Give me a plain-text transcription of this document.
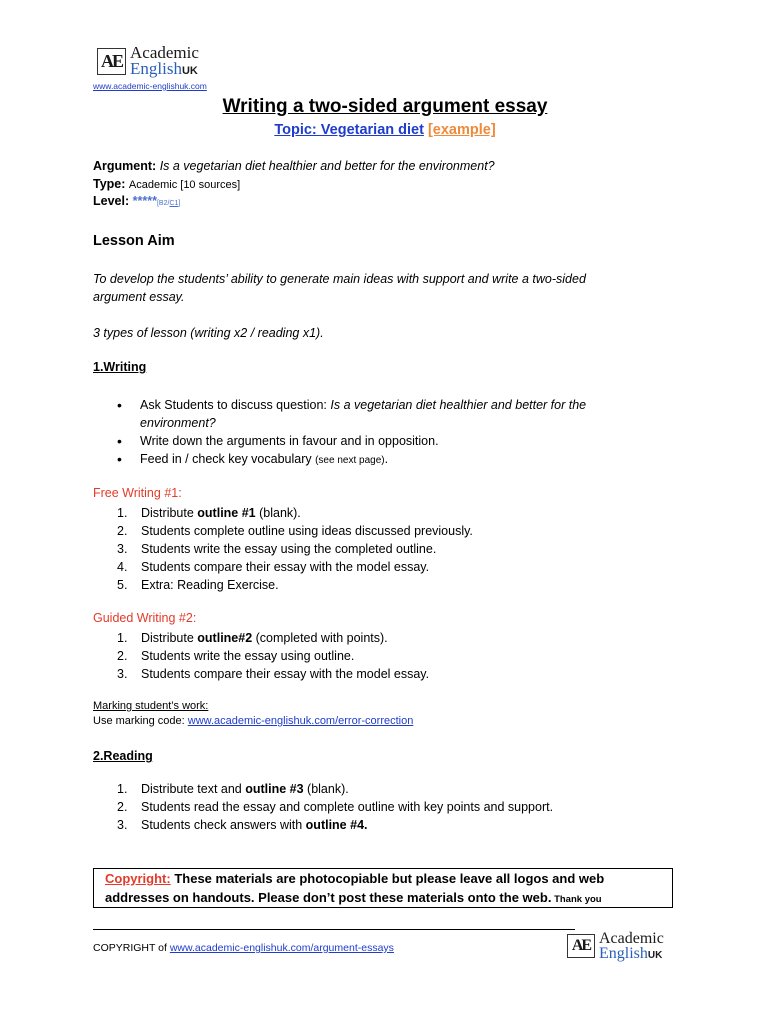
AE Academic
EnglishUK
www.academic-englishuk.com
Writing a two-sided argument essay
Topic: Vegetarian diet [example]
Argument: Is a vegetarian diet healthier and better for the environment?
Type: Academic [10 sources]
Level: *****[B2/C1]
Lesson Aim
To develop the students’ ability to generate main ideas with support and write a two-sided
argument essay.
3 types of lesson (writing x2 / reading x1).
1.Writing
• Ask Students to discuss question: Is a vegetarian diet healthier and better for the
environment?
• Write down the arguments in favour and in opposition.
• Feed in / check key vocabulary (see next page).
Free Writing #1:
1. Distribute outline #1 (blank).
2. Students complete outline using ideas discussed previously.
3. Students write the essay using the completed outline.
4. Students compare their essay with the model essay.
5. Extra: Reading Exercise.
Guided Writing #2:
1. Distribute outline#2 (completed with points).
2. Students write the essay using outline.
3. Students compare their essay with the model essay.
Marking student’s work:
Use marking code: www.academic-englishuk.com/error-correction
2.Reading
1. Distribute text and outline #3 (blank).
2. Students read the essay and complete outline with key points and support.
3. Students check answers with outline #4.
Copyright: These materials are photocopiable but please leave all logos and web
addresses on handouts. Please don’t post these materials onto the web. Thank you
COPYRIGHT of www.academic-englishuk.com/argument-essays	AE Academic
EnglishUK
